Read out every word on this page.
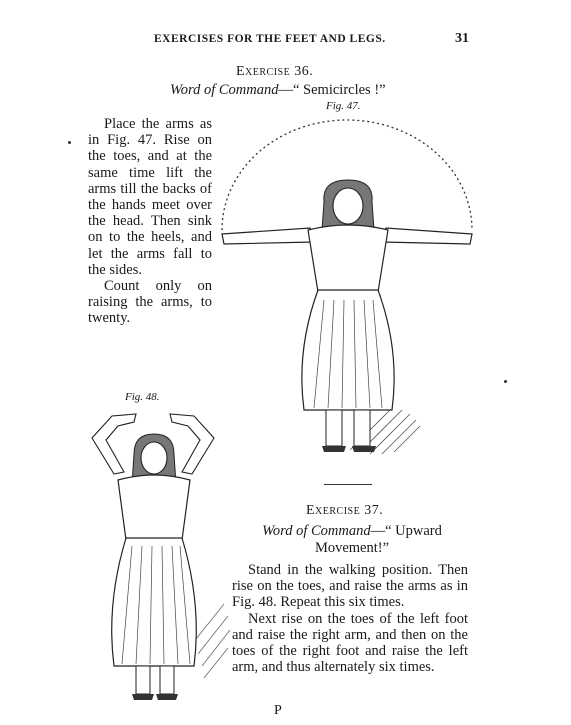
EXERCISES FOR THE FEET AND LEGS.	31
Exercise 36.
Word of Command—“ Semicircles !”
Fig. 47.

Place the arms as in Fig. 47. Rise on the toes, and at the same time lift the arms till the backs of the hands meet over the head. Then sink on to the heels, and let the arms fall to the sides.

Count only on raising the arms, to twenty.

Fig. 48.
Exercise 37.
Word of Command—“ Upward Movement!”

Stand in the walking position. Then rise on the toes, and raise the arms as in Fig. 48. Repeat this six times.

Next rise on the toes of the left foot and raise the right arm, and then on the toes of the right foot and raise the left arm, and thus alternately six times.

P
